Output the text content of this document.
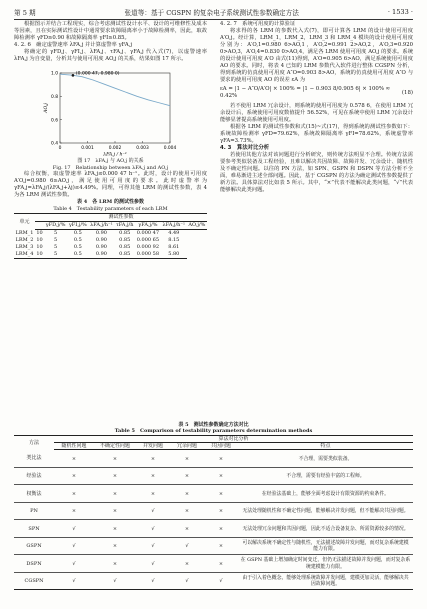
第 5 期	张道等：基于 CGSPN 的复杂电子系统测试性参数确定方法	· 1533 ·

根据图示并结合工程现实，综合考虑测试性设计水平、设计的可维修性及成本等因素，且在实际测试性设计中通常要求故障隔离率小于故障检测率，因此，取故障检测率 γFD≥0.90 和故障隔离率 γFI≥0.85。

4. 2. 6　确定虚警速率 λFA,j 并计算虚警率 γFA,j

将确定的 γFD,j、γFI,j、λFA,j、τFA,j、γFA,j 代入式(7)，以虚警速率 λFA,j 为自变量，分析其与使用可用度 AO,j 的关系，结果如图 17 所示。

1.0
0.8
0.6
0.4
0	0.001	0.002	0.003	0.004
AO,j
λFA,j / h⁻¹
(0.000 47, 0.980 0)

图 17　λFA,j 与 AO,j 的关系

Fig. 17　Relationship between λFA,j and AO,j

综合权衡，取虚警速率 λFA,j≤0.000 47 h⁻¹。此时，设计的使用可用度 A′O,j=0.980 6≥AO,j，满足使用可用度的要求。此时虚警率为 γFA,j=λFA,j/(λFA,j+λj)≤4.49%。同理，可得其他 LRM 的测试性参数，表 4 为各 LRM 测试性参数。

表 4　各 LRM 的测试性参数

Table 4　Testability parameters of each LRM

单元	测试性参数							
		γFD,j/%	γFI,j/%	λFA,j/h⁻¹	τFA,j/h	γFA,j/%	λFA,j/h⁻¹	AO,j/%
LRM_1	10	5	0.5	0.90	0.85	0.000 47	4.49	
LRM_2	10	5	0.5	0.90	0.85	0.000 65	8.15	
LRM_3	10	5	0.5	0.90	0.85	0.000 92	8.61	
LRM_4	10	5	0.5	0.90	0.85	0.000 58	5.80	

4. 2. 7　系统可用度的计算验证

将求得的各 LRM 的参数代入式(7)，即可计算各 LRM 的设计使用可用度 A′O,j。经计算，LRM_1，LRM_2，LRM_3 和 LRM_4 模块的设计使用可用度分别为：A′O,1=0.980 6>AO,1，A′O,2=0.991 2>AO,2，A′O,3=0.920 0>AO,3，A′O,4=0.830 0>AO,4，满足各 LRM 使用可用度 AO,j 的要求。系统的设计使用可用度 A′O 由式(11)得到，A′O=0.905 6>AO，满足系统使用可用度 AO 的要求。同时，将表 4 已知的 LRM 参数代入软件进行整体 CGSPN 分析，得到系统的仿真使用可用度 A″O=0.903 8>AO，系统的仿真使用可用度 A″O 与要求的使用可用度 AO 的误差 εA 为

εA = |1 − A″O/A′O| × 100% = |1 − 0.903 8/0.905 6| × 100% ≈ 0.42%
(18)

若不使用 LRM 冗余设计，则系统的使用可用度为 0.578 6，在使用 LRM 冗余设计后，系统使用可用度数值提升 56.52%，可见在系统中使用 LRM 冗余设计能够显著提高系统使用可用度。

根据各 LRM 的测试性参数和式(15)~式(17)，得到系统的测试性参数如下：系统故障检测率 γFD=79.62%，系统故障隔离率 γFI=78.62%，系统虚警率 γFA=3.73%。

4. 3　算法对比分析

若使用其他方法对该问题进行分析研究，则传统方法明显不合理。传统方法需要参考类似装备及工程经验，且难以解决共因故障、故障并发、冗余设计、随机性及不确定性问题。以往的 PN 方法，如 SPN、GSPN 和 DSPN 等方法分析不全面，难易渐进主述全部问题。因此，基于 CGSPN 的方法为确定测试性参数提供了新方法。具体算法对比如表 5 所示。其中，“×”代表不能解决此类问题，“√”代表能够解决此类问题。

表 5　测试性参数确定方法对比

Table 5　Comparison of testability parameters determination methods

方法	算法对比分析					
	随机性问题	不确定性问题	并发问题	冗余问题	共因问题	特点
类比法	×	×	×	×	×	不合理，需要类似装备。
经验法	×	×	×	×	×	不合理，需要有经验丰富的工程师。
权衡法	×	×	×	×	×	在经验法基础上，能够全面考虑设计有限资源的约束条件。
PN	×	×	√	×	×	无法处理随机性和不确定性问题，能够解决并发问题，但不能解决共因问题。
SPN	√	×	√	×	×	无法处理冗余问题和共因问题，因此不适合设备复杂、所需资源较多的情况。
GSPN	√	×	√	√	×	可以解决系统不确定性与随机性，无法描述故障并发问题，而对复杂系统建模能力有限。
DSPN	√	×	√	×	×	在 GSPN 基础上增加确定时间变迁，但仍无法描述故障并发问题，而对复杂系统建模能力有限。
CGSPN	√	√	√	√	√	由于引入着色概念，能够处理系统故障并发问题，建模更加灵活，能够解决共因故障问题。
